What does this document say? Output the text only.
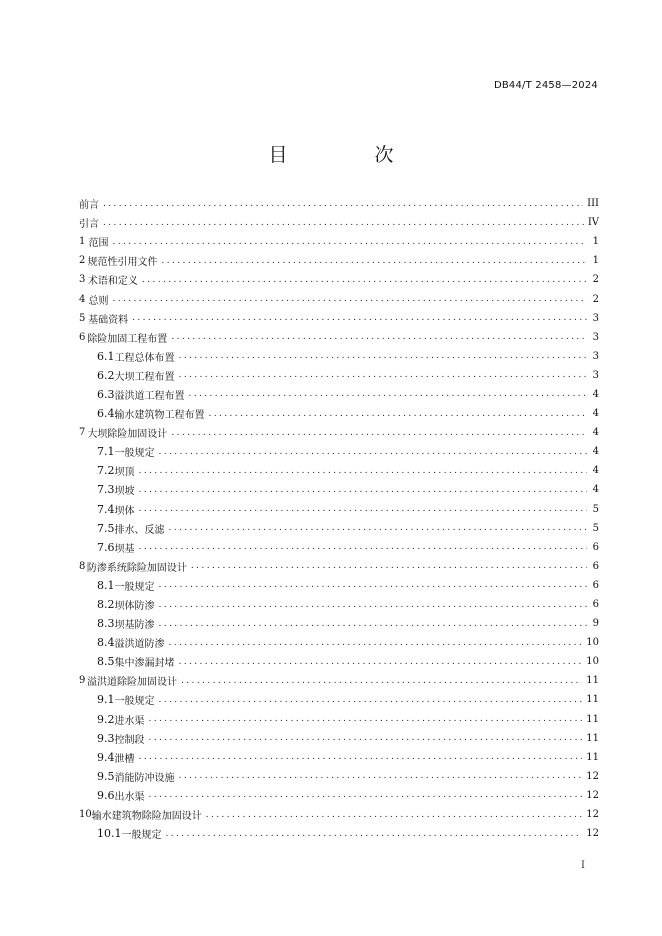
DB44/T 2458—2024
目　次
前言 .....	III
引言 .....	IV
1 范围 .....	1
2 规范性引用文件 .....	1
3 术语和定义 .....	2
4 总则 .....	2
5 基础资料 .....	3
6 除险加固工程布置 .....	3
6.1 工程总体布置 .....	3
6.2 大坝工程布置 .....	3
6.3 溢洪道工程布置 .....	4
6.4 输水建筑物工程布置 .....	4
7 大坝除险加固设计 .....	4
7.1 一般规定 .....	4
7.2 坝顶 .....	4
7.3 坝坡 .....	4
7.4 坝体 .....	5
7.5 排水、反滤 .....	5
7.6 坝基 .....	6
8 防渗系统除险加固设计 .....	6
8.1 一般规定 .....	6
8.2 坝体防渗 .....	6
8.3 坝基防渗 .....	9
8.4 溢洪道防渗 .....	10
8.5 集中渗漏封堵 .....	10
9 溢洪道除险加固设计 .....	11
9.1 一般规定 .....	11
9.2 进水渠 .....	11
9.3 控制段 .....	11
9.4 泄槽 .....	11
9.5 消能防冲设施 .....	12
9.6 出水渠 .....	12
10 输水建筑物除险加固设计 .....	12
10.1 一般规定 .....	12
I
